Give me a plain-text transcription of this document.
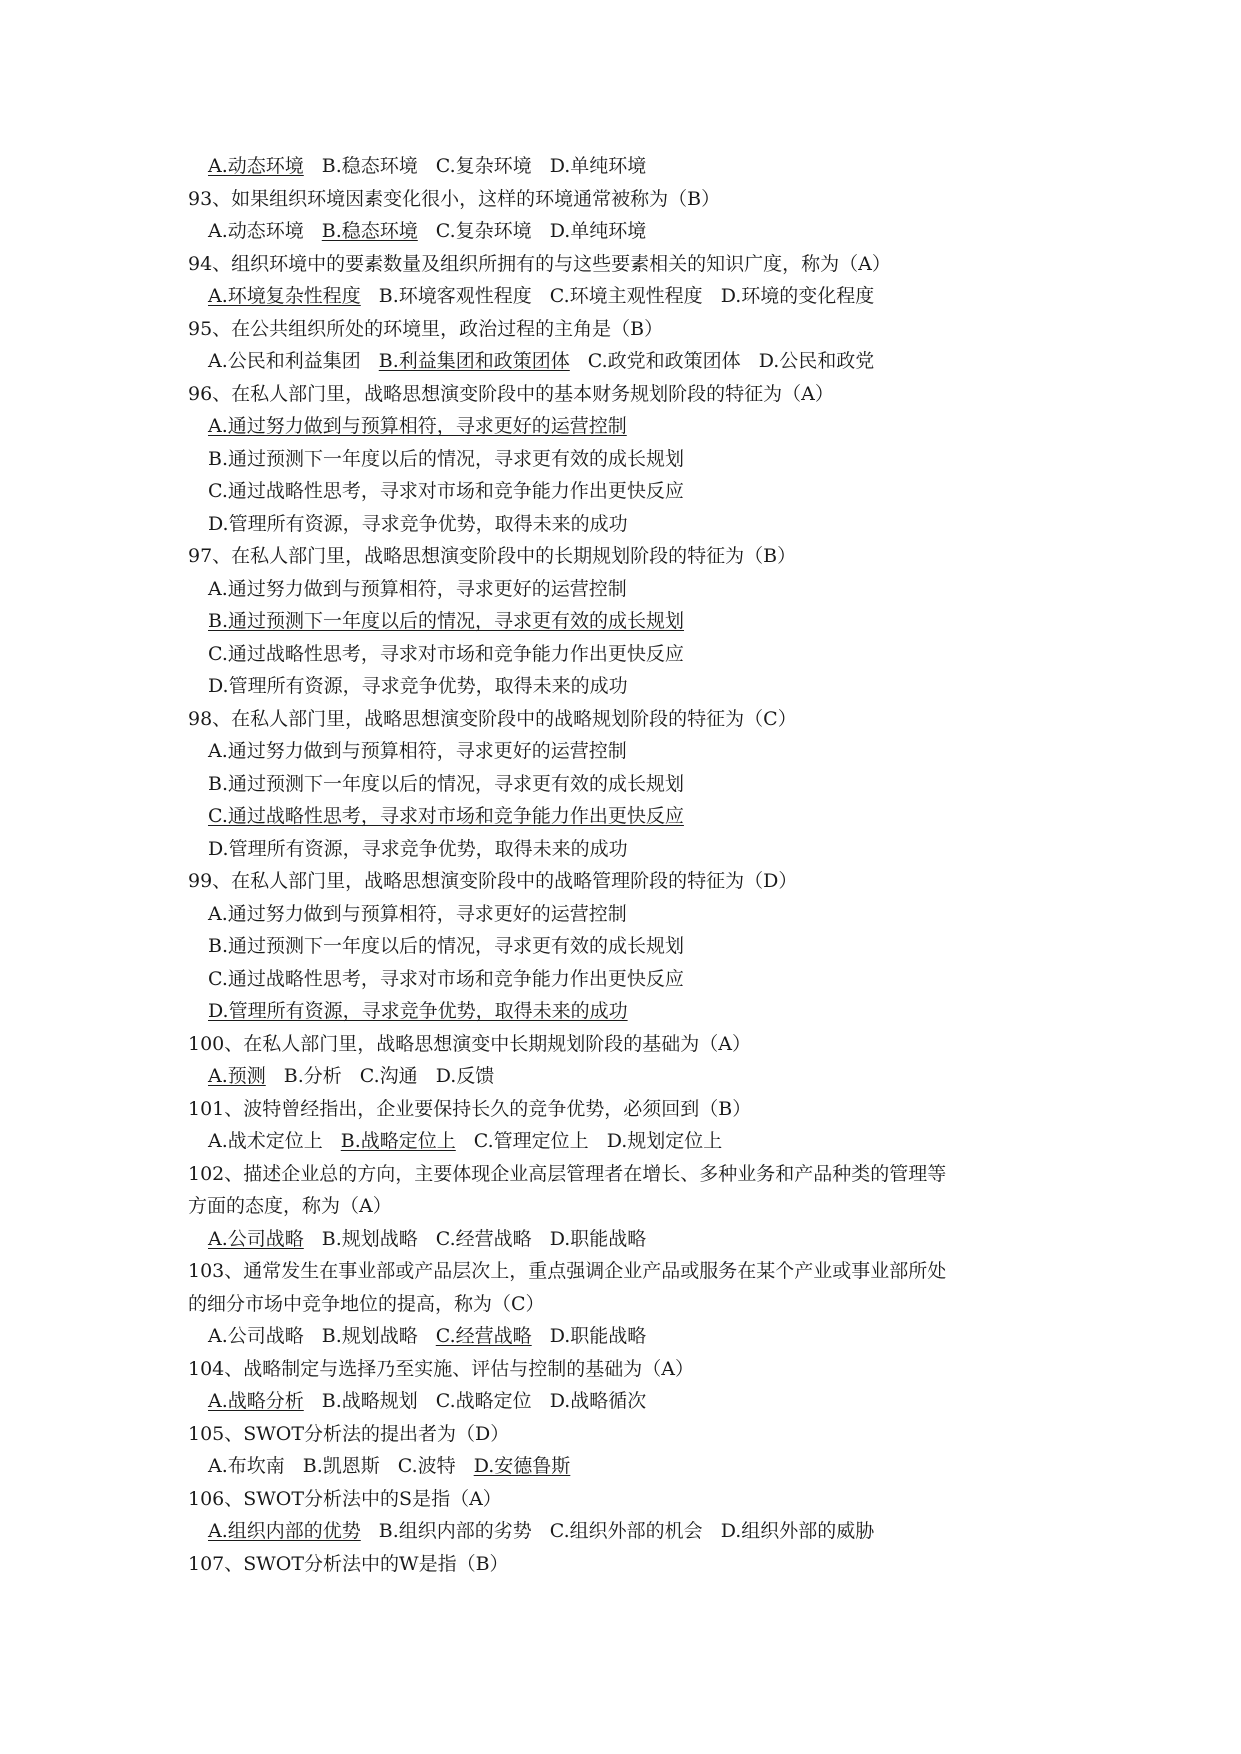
A.动态环境 B.稳态环境 C.复杂环境 D.单纯环境
93、如果组织环境因素变化很小，这样的环境通常被称为（B）
A.动态环境 B.稳态环境 C.复杂环境 D.单纯环境
94、组织环境中的要素数量及组织所拥有的与这些要素相关的知识广度，称为（A）
A.环境复杂性程度 B.环境客观性程度 C.环境主观性程度 D.环境的变化程度
95、在公共组织所处的环境里，政治过程的主角是（B）
A.公民和利益集团 B.利益集团和政策团体 C.政党和政策团体 D.公民和政党
96、在私人部门里，战略思想演变阶段中的基本财务规划阶段的特征为（A）
A.通过努力做到与预算相符，寻求更好的运营控制
B.通过预测下一年度以后的情况，寻求更有效的成长规划
C.通过战略性思考，寻求对市场和竞争能力作出更快反应
D.管理所有资源，寻求竞争优势，取得未来的成功
97、在私人部门里，战略思想演变阶段中的长期规划阶段的特征为（B）
A.通过努力做到与预算相符，寻求更好的运营控制
B.通过预测下一年度以后的情况，寻求更有效的成长规划
C.通过战略性思考，寻求对市场和竞争能力作出更快反应
D.管理所有资源，寻求竞争优势，取得未来的成功
98、在私人部门里，战略思想演变阶段中的战略规划阶段的特征为（C）
A.通过努力做到与预算相符，寻求更好的运营控制
B.通过预测下一年度以后的情况，寻求更有效的成长规划
C.通过战略性思考，寻求对市场和竞争能力作出更快反应
D.管理所有资源，寻求竞争优势，取得未来的成功
99、在私人部门里，战略思想演变阶段中的战略管理阶段的特征为（D）
A.通过努力做到与预算相符，寻求更好的运营控制
B.通过预测下一年度以后的情况，寻求更有效的成长规划
C.通过战略性思考，寻求对市场和竞争能力作出更快反应
D.管理所有资源，寻求竞争优势，取得未来的成功
100、在私人部门里，战略思想演变中长期规划阶段的基础为（A）
A.预测 B.分析 C.沟通 D.反馈
101、波特曾经指出，企业要保持长久的竞争优势，必须回到（B）
A.战术定位上 B.战略定位上 C.管理定位上 D.规划定位上
102、描述企业总的方向，主要体现企业高层管理者在增长、多种业务和产品种类的管理等
方面的态度，称为（A）
A.公司战略 B.规划战略 C.经营战略 D.职能战略
103、通常发生在事业部或产品层次上，重点强调企业产品或服务在某个产业或事业部所处
的细分市场中竞争地位的提高，称为（C）
A.公司战略 B.规划战略 C.经营战略 D.职能战略
104、战略制定与选择乃至实施、评估与控制的基础为（A）
A.战略分析 B.战略规划 C.战略定位 D.战略循次
105、SWOT分析法的提出者为（D）
A.布坎南 B.凯恩斯 C.波特 D.安德鲁斯
106、SWOT分析法中的S是指（A）
A.组织内部的优势 B.组织内部的劣势 C.组织外部的机会 D.组织外部的威胁
107、SWOT分析法中的W是指（B）
